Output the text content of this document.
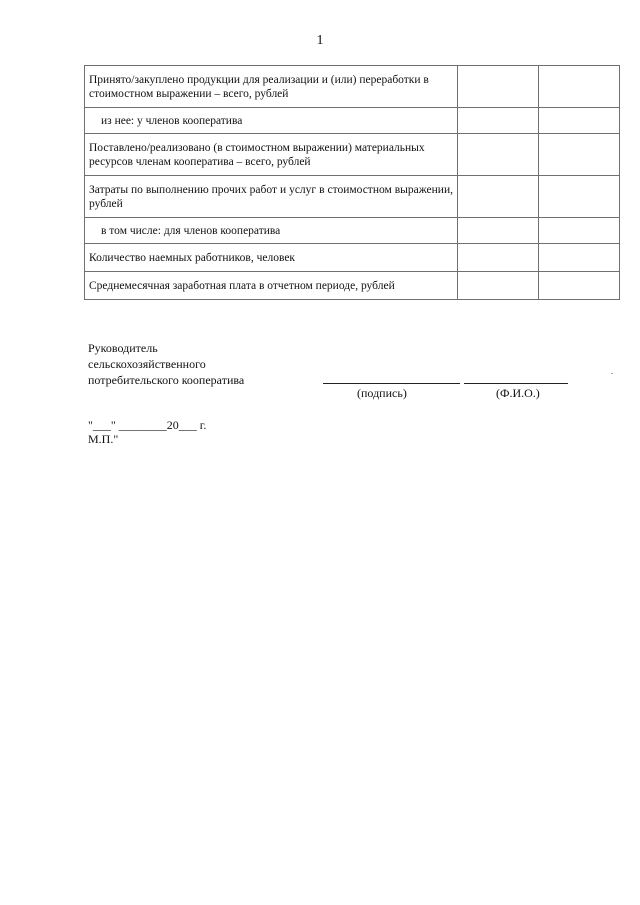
1
Принято/закуплено продукции для реализации и (или) переработки в стоимостном выражении – всего, рублей		
из нее: у членов кооператива		
Поставлено/реализовано (в стоимостном выражении) материальных ресурсов членам кооператива – всего, рублей		
Затраты по выполнению прочих работ и услуг в стоимостном выражении, рублей		
в том числе: для членов кооператива		
Количество наемных работников, человек		
Среднемесячная заработная плата в отчетном периоде, рублей		
Руководитель
сельскохозяйственного
потребительского кооператива
(подпись)	(Ф.И.О.)
"___" ________20___ г.
М.П."
